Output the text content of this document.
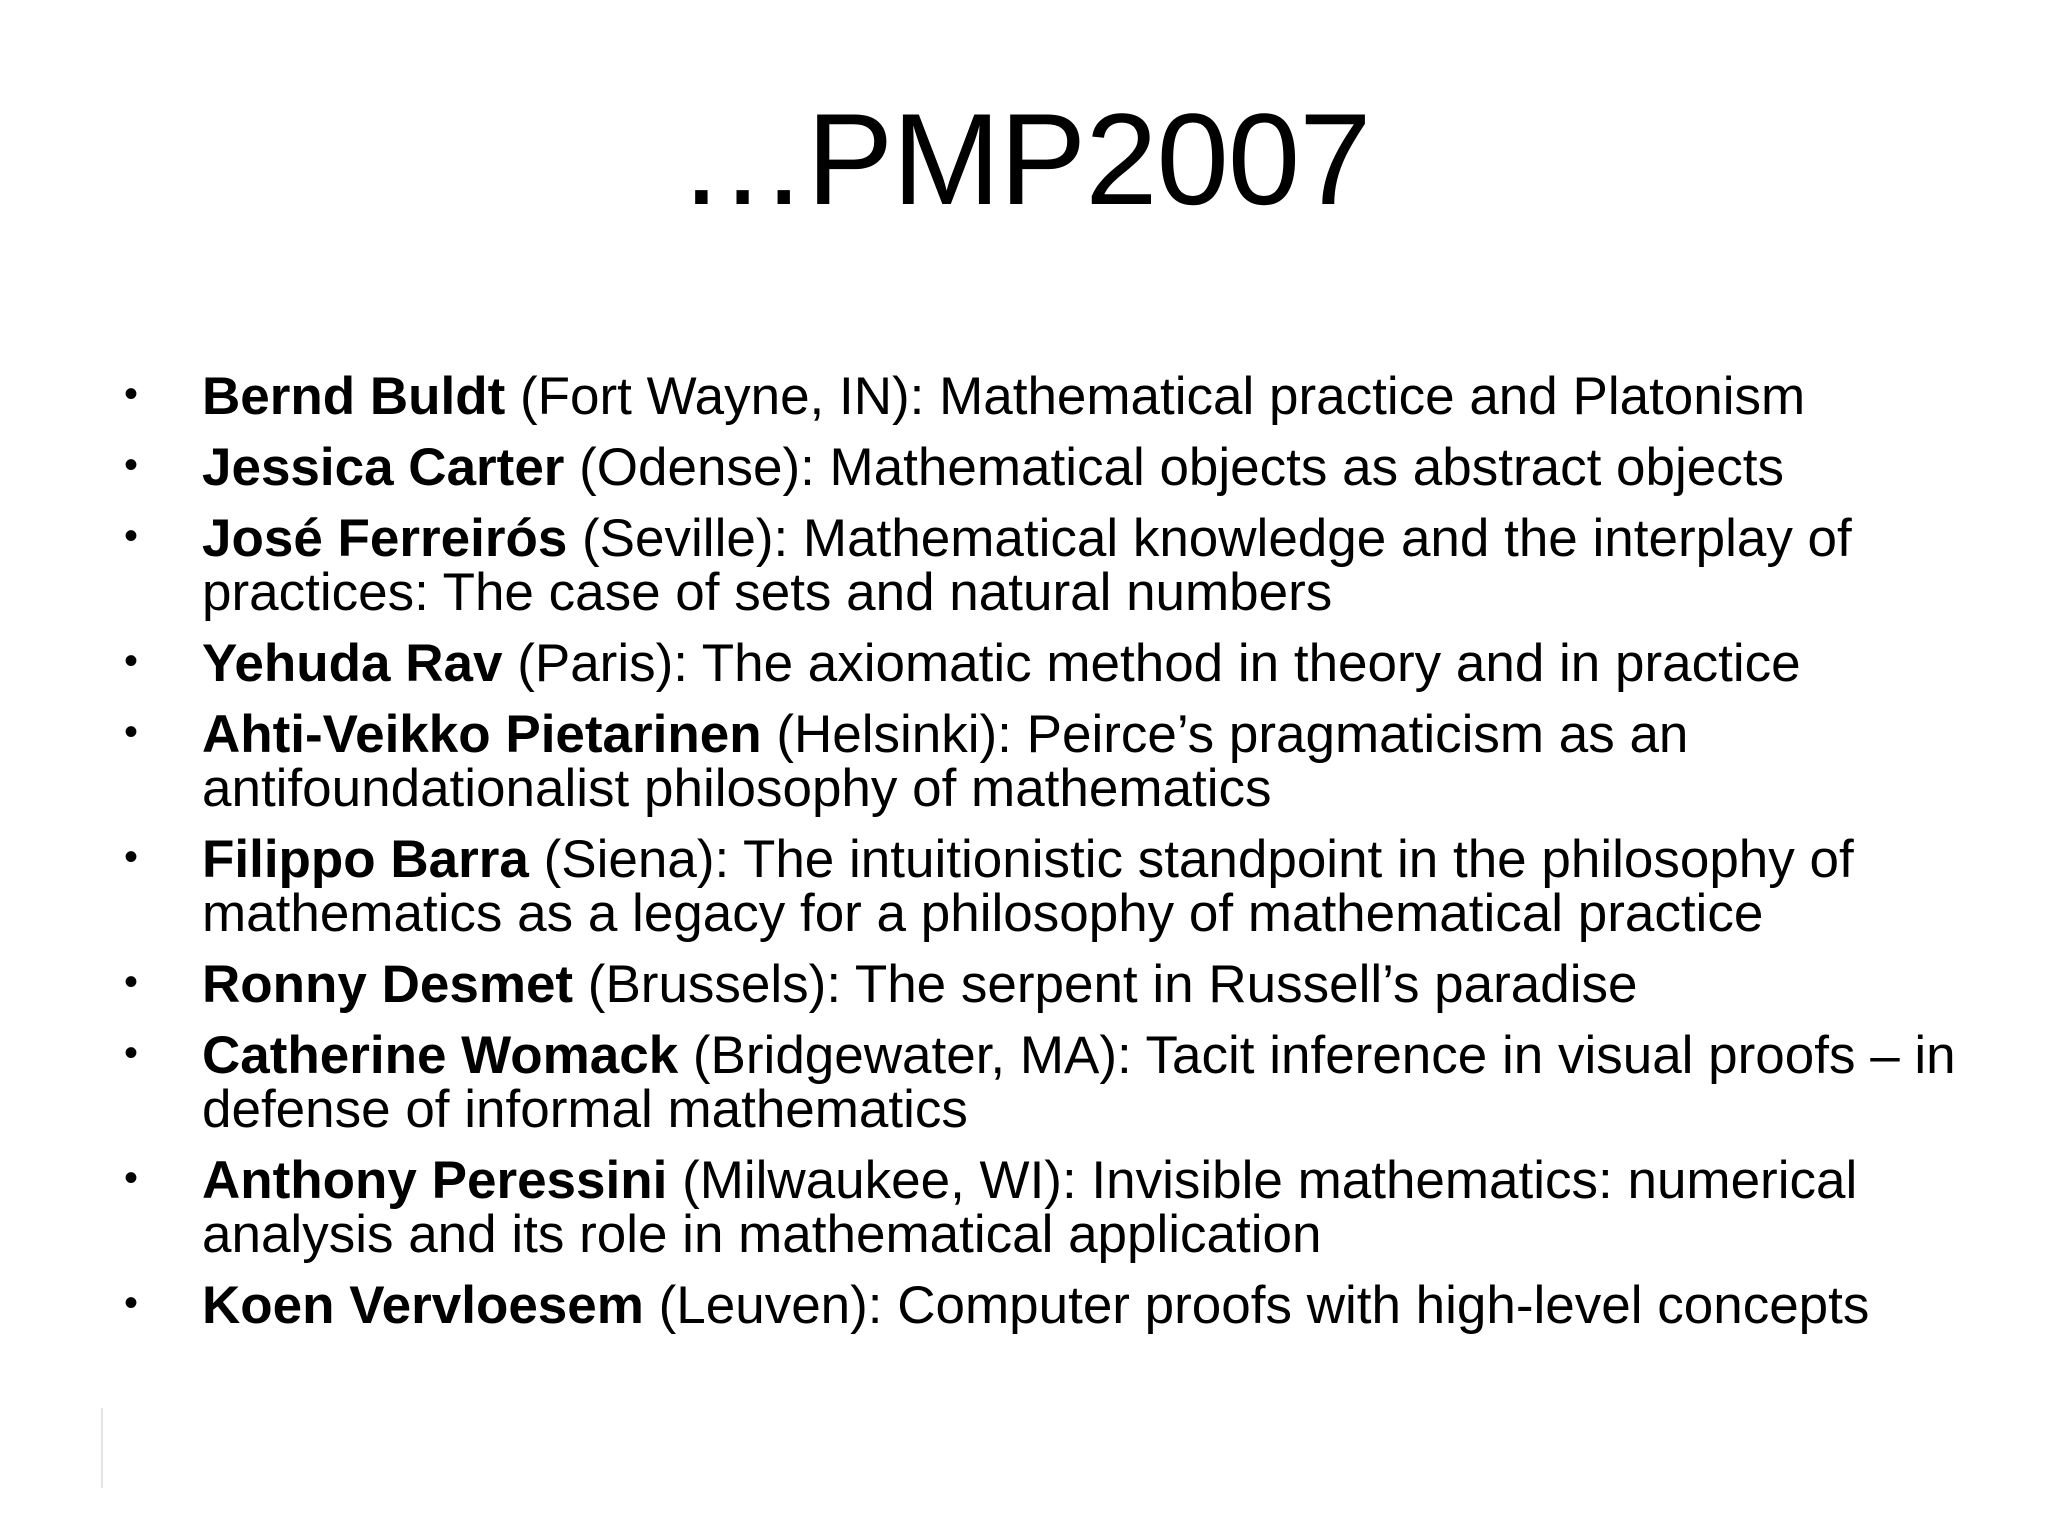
…PMP2007
• Bernd Buldt (Fort Wayne, IN): Mathematical practice and Platonism
• Jessica Carter (Odense): Mathematical objects as abstract objects
• José Ferreirós (Seville): Mathematical knowledge and the interplay of practices: The case of sets and natural numbers
• Yehuda Rav (Paris): The axiomatic method in theory and in practice
• Ahti-Veikko Pietarinen (Helsinki): Peirce’s pragmaticism as an antifoundationalist philosophy of mathematics
• Filippo Barra (Siena): The intuitionistic standpoint in the philosophy of mathematics as a legacy for a philosophy of mathematical practice
• Ronny Desmet (Brussels): The serpent in Russell’s paradise
• Catherine Womack (Bridgewater, MA): Tacit inference in visual proofs – in defense of informal mathematics
• Anthony Peressini (Milwaukee, WI): Invisible mathematics: numerical analysis and its role in mathematical application
• Koen Vervloesem (Leuven): Computer proofs with high-level concepts
